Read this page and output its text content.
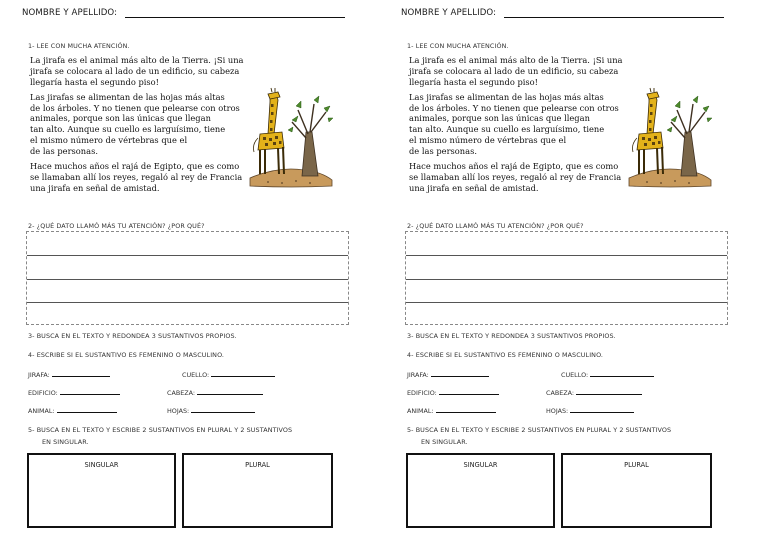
NOMBRE Y APELLIDO:
1- LEE CON MUCHA ATENCIÓN.

La jirafa es el animal más alto de la Tierra. ¡Si una
jirafa se colocara al lado de un edificio, su cabeza
llegaría hasta el segundo piso!

Las jirafas se alimentan de las hojas más altas
de los árboles. Y no tienen que pelearse con otros
animales, porque son las únicas que llegan
tan alto. Aunque su cuello es larguísimo, tiene
el mismo número de vértebras que el
de las personas.

Hace muchos años el rajá de Egipto, que es como
se llamaban allí los reyes, regaló al rey de Francia
una jirafa en señal de amistad.

2- ¿QUÉ DATO LLAMÓ MÁS TU ATENCIÓN? ¿POR QUÉ?
3- BUSCA EN EL TEXTO Y REDONDEA 3 SUSTANTIVOS PROPIOS.
4- ESCRIBE SI EL SUSTANTIVO ES FEMENINO O MASCULINO.
JIRAFA:	CUELLO:
EDIFICIO:	CABEZA:
ANIMAL:	HOJAS:
5- BUSCA EN EL TEXTO Y ESCRIBE 2 SUSTANTIVOS EN PLURAL Y 2 SUSTANTIVOS
EN SINGULAR.
SINGULAR	PLURAL
NOMBRE Y APELLIDO:
1- LEE CON MUCHA ATENCIÓN.

La jirafa es el animal más alto de la Tierra. ¡Si una
jirafa se colocara al lado de un edificio, su cabeza
llegaría hasta el segundo piso!

Las jirafas se alimentan de las hojas más altas
de los árboles. Y no tienen que pelearse con otros
animales, porque son las únicas que llegan
tan alto. Aunque su cuello es larguísimo, tiene
el mismo número de vértebras que el
de las personas.

Hace muchos años el rajá de Egipto, que es como
se llamaban allí los reyes, regaló al rey de Francia
una jirafa en señal de amistad.

2- ¿QUÉ DATO LLAMÓ MÁS TU ATENCIÓN? ¿POR QUÉ?
3- BUSCA EN EL TEXTO Y REDONDEA 3 SUSTANTIVOS PROPIOS.
4- ESCRIBE SI EL SUSTANTIVO ES FEMENINO O MASCULINO.
JIRAFA:	CUELLO:
EDIFICIO:	CABEZA:
ANIMAL:	HOJAS:
5- BUSCA EN EL TEXTO Y ESCRIBE 2 SUSTANTIVOS EN PLURAL Y 2 SUSTANTIVOS
EN SINGULAR.
SINGULAR	PLURAL
